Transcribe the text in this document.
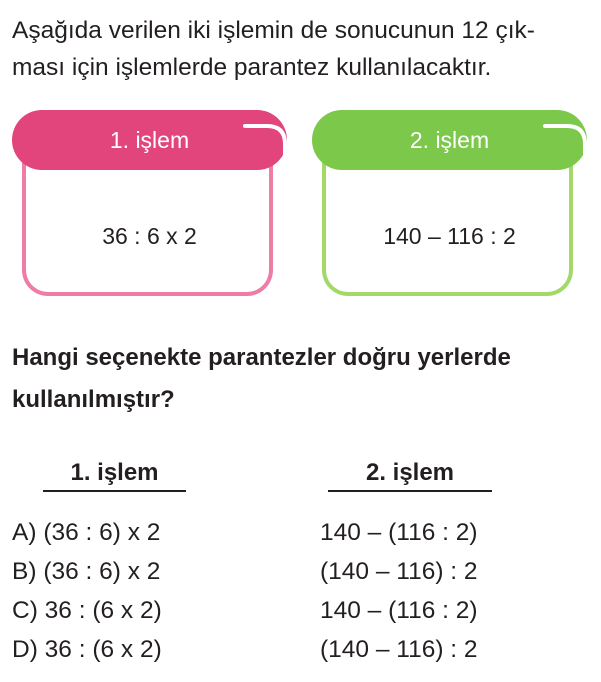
Aşağıda verilen iki işlemin de sonucunun 12 çık-
ması için işlemlerde parantez kullanılacaktır.

1. işlem
36 : 6 x 2
2. işlem
140 – 116 : 2

Hangi seçenekte parantezler doğru yerlerde
kullanılmıştır?

1. işlem	2. işlem
A) (36 : 6) x 2	140 – (116 : 2)
B) (36 : 6) x 2	(140 – 116) : 2
C) 36 : (6 x 2)	140 – (116 : 2)
D) 36 : (6 x 2)	(140 – 116) : 2
